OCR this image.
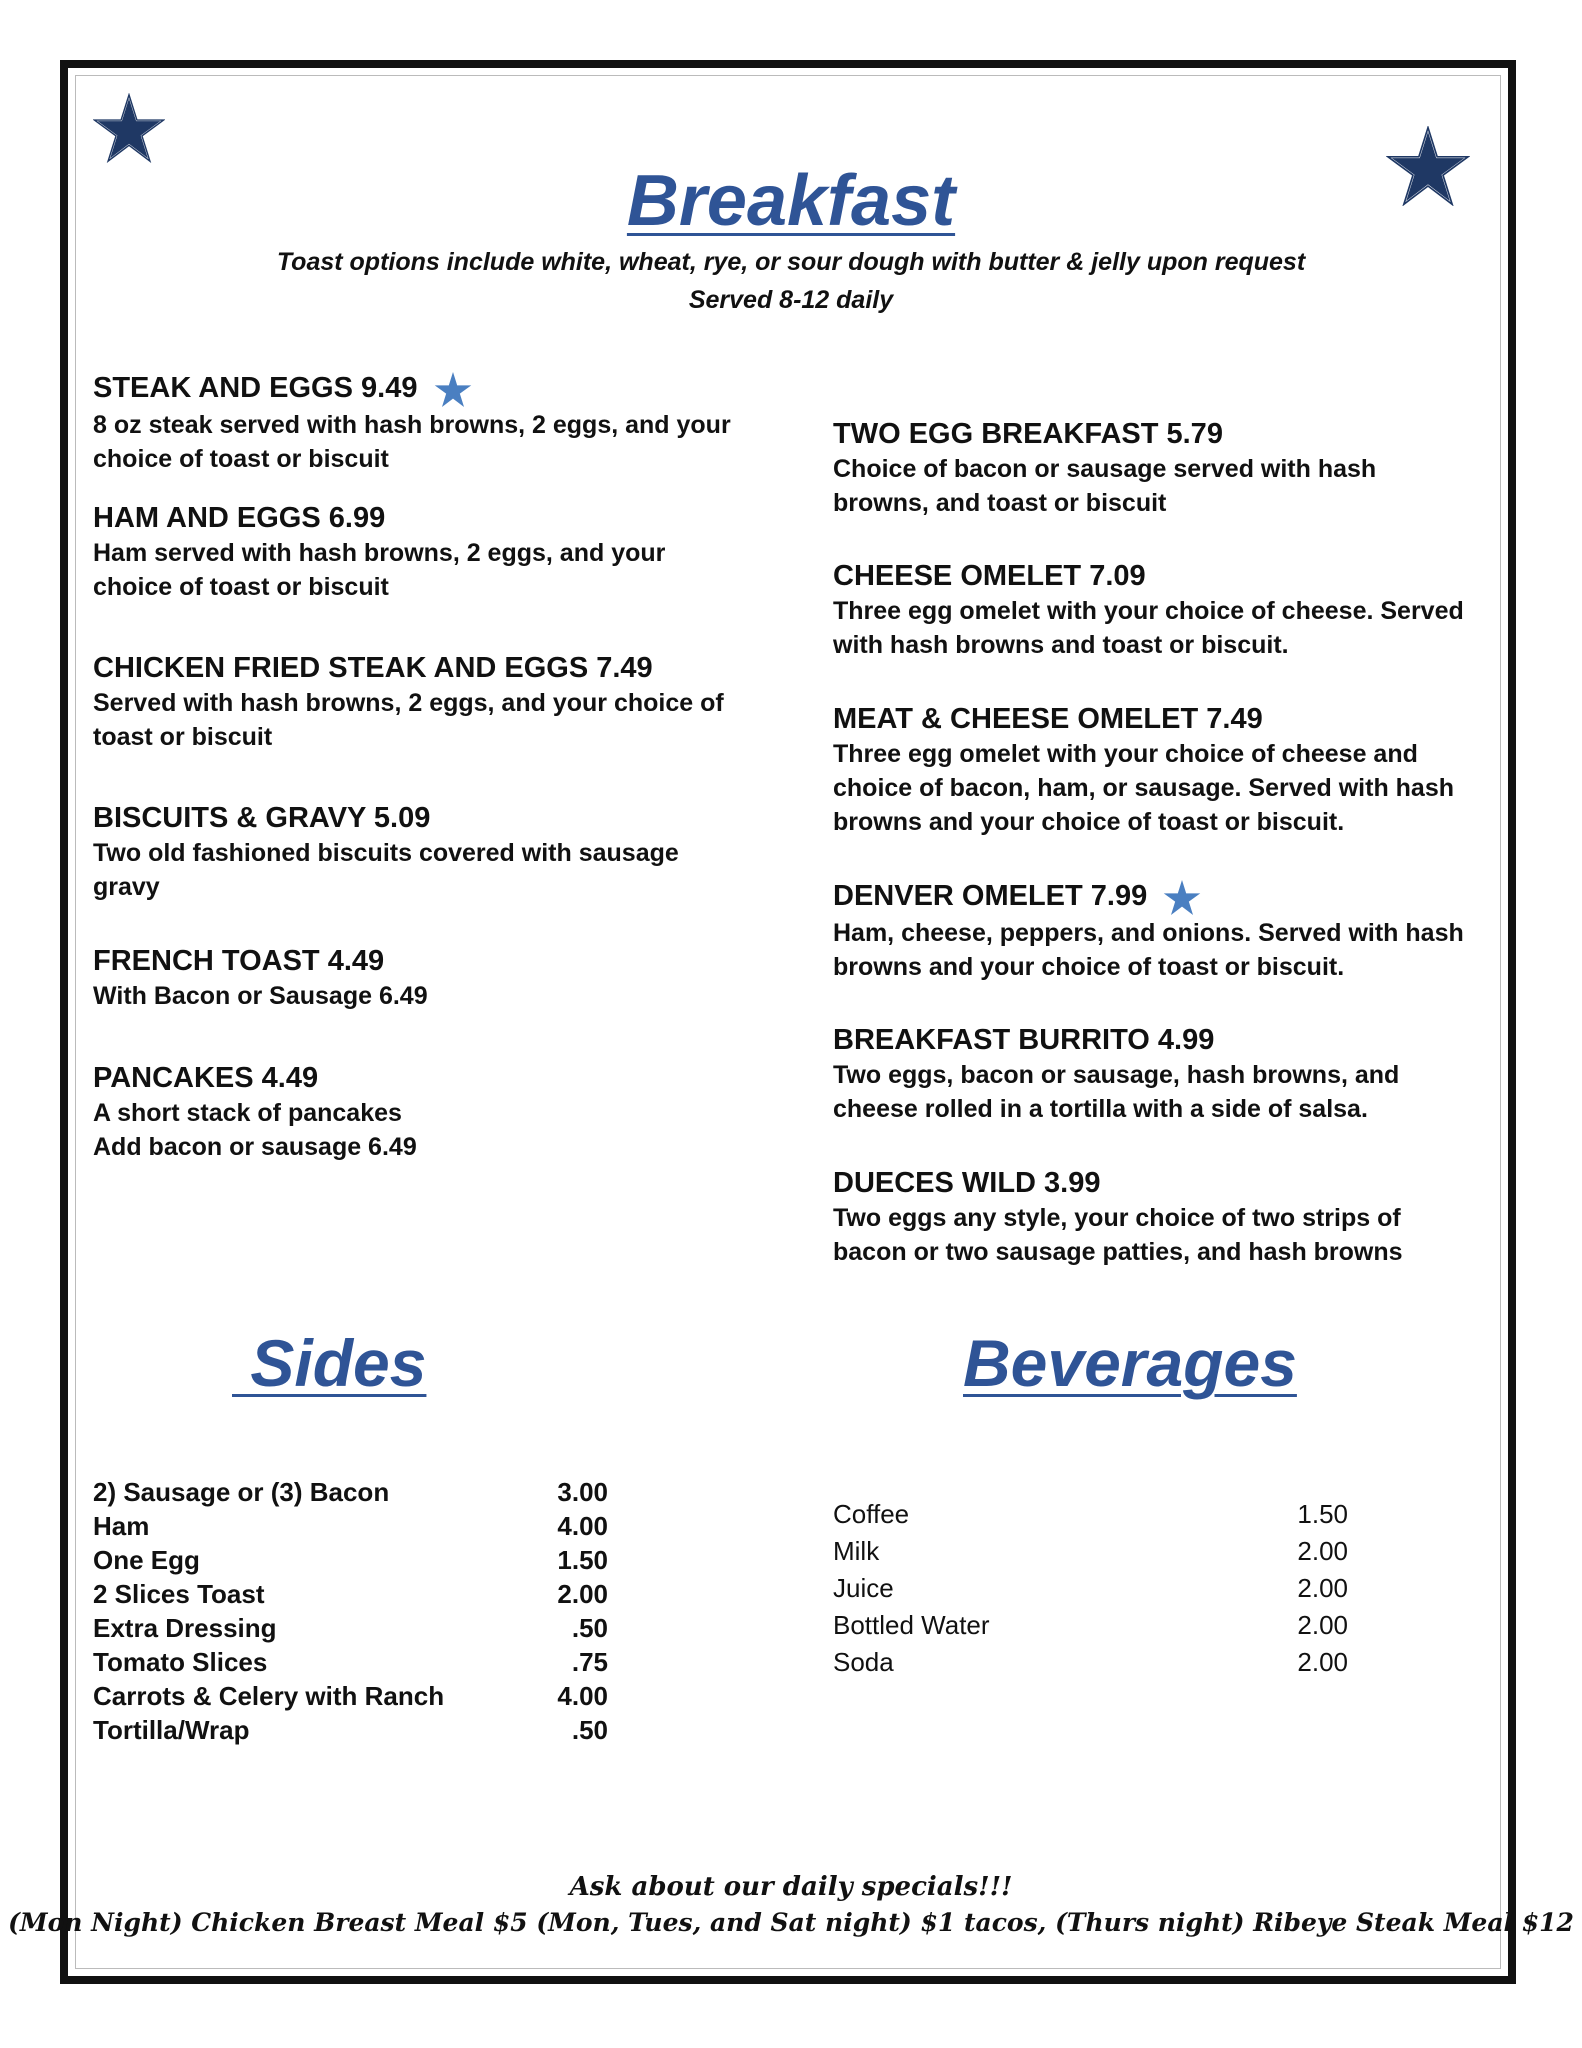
Breakfast
Toast options include white, wheat, rye, or sour dough with butter & jelly upon request
Served 8-12 daily

STEAK AND EGGS 9.49

8 oz steak served with hash browns, 2 eggs, and your choice of toast or biscuit

HAM AND EGGS 6.99

Ham served with hash browns, 2 eggs, and your choice of toast or biscuit

CHICKEN FRIED STEAK AND EGGS 7.49

Served with hash browns, 2 eggs, and your choice of toast or biscuit

BISCUITS & GRAVY 5.09

Two old fashioned biscuits covered with sausage gravy

FRENCH TOAST 4.49

With Bacon or Sausage 6.49

PANCAKES 4.49

A short stack of pancakes

Add bacon or sausage 6.49

TWO EGG BREAKFAST 5.79

Choice of bacon or sausage served with hash browns, and toast or biscuit

CHEESE OMELET 7.09

Three egg omelet with your choice of cheese. Served with hash browns and toast or biscuit.

MEAT & CHEESE OMELET 7.49

Three egg omelet with your choice of cheese and choice of bacon, ham, or sausage. Served with hash browns and your choice of toast or biscuit.

DENVER OMELET 7.99

Ham, cheese, peppers, and onions. Served with hash browns and your choice of toast or biscuit.

BREAKFAST BURRITO 4.99

Two eggs, bacon or sausage, hash browns, and cheese rolled in a tortilla with a side of salsa.

DUECES WILD 3.99

Two eggs any style, your choice of two strips of bacon or two sausage patties, and hash browns

Sides
2) Sausage or (3) Bacon	3.00
Ham	4.00
One Egg	1.50
2 Slices Toast	2.00
Extra Dressing	.50
Tomato Slices	.75
Carrots & Celery with Ranch	4.00
Tortilla/Wrap	.50
Beverages
Coffee	1.50
Milk	2.00
Juice	2.00
Bottled Water	2.00
Soda	2.00
Ask about our daily specials!!!
(Mon Night) Chicken Breast Meal $5 (Mon, Tues, and Sat night) $1 tacos, (Thurs night) Ribeye Steak Meal $12
